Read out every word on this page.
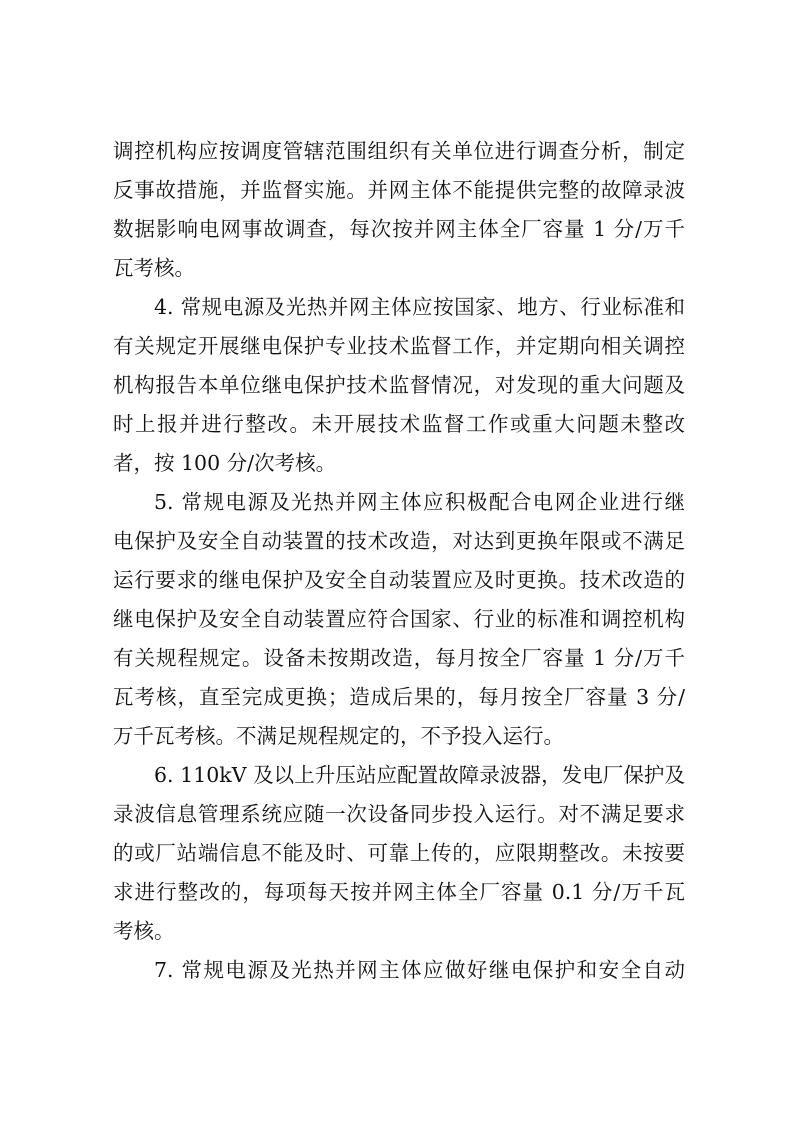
调控机构应按调度管辖范围组织有关单位进行调查分析，制定
反事故措施，并监督实施。并网主体不能提供完整的故障录波
数据影响电网事故调查，每次按并网主体全厂容量 1 分/万千
瓦考核。
4. 常规电源及光热并网主体应按国家、地方、行业标准和
有关规定开展继电保护专业技术监督工作，并定期向相关调控
机构报告本单位继电保护技术监督情况，对发现的重大问题及
时上报并进行整改。未开展技术监督工作或重大问题未整改
者，按 100 分/次考核。
5. 常规电源及光热并网主体应积极配合电网企业进行继
电保护及安全自动装置的技术改造，对达到更换年限或不满足
运行要求的继电保护及安全自动装置应及时更换。技术改造的
继电保护及安全自动装置应符合国家、行业的标准和调控机构
有关规程规定。设备未按期改造，每月按全厂容量 1 分/万千
瓦考核，直至完成更换；造成后果的，每月按全厂容量 3 分/
万千瓦考核。不满足规程规定的，不予投入运行。
6. 110kV 及以上升压站应配置故障录波器，发电厂保护及
录波信息管理系统应随一次设备同步投入运行。对不满足要求
的或厂站端信息不能及时、可靠上传的，应限期整改。未按要
求进行整改的，每项每天按并网主体全厂容量 0.1 分/万千瓦
考核。
7. 常规电源及光热并网主体应做好继电保护和安全自动
